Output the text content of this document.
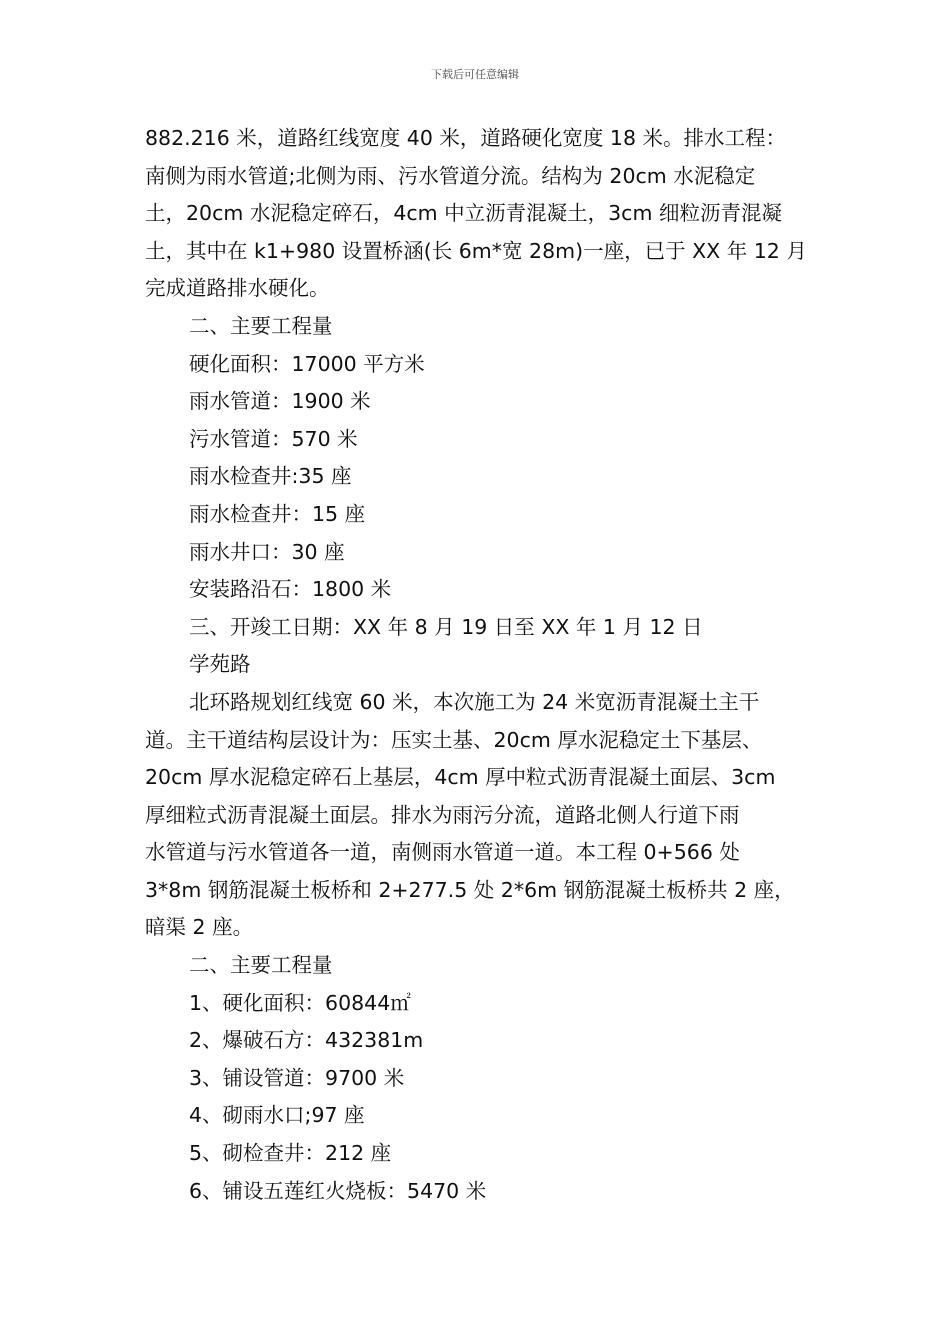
下载后可任意编辑

882.216 米，道路红线宽度 40 米，道路硬化宽度 18 米。排水工程：

南侧为雨水管道;北侧为雨、污水管道分流。结构为 20cm 水泥稳定

土，20cm 水泥稳定碎石，4cm 中立沥青混凝土，3cm 细粒沥青混凝

土，其中在 k1+980 设置桥涵(长 6m*宽 28m)一座，已于 XX 年 12 月

完成道路排水硬化。

二、主要工程量

硬化面积：17000 平方米

雨水管道：1900 米

污水管道：570 米

雨水检查井:35 座

雨水检查井：15 座

雨水井口：30 座

安装路沿石：1800 米

三、开竣工日期：XX 年 8 月 19 日至 XX 年 1 月 12 日

学苑路

北环路规划红线宽 60 米，本次施工为 24 米宽沥青混凝土主干

道。主干道结构层设计为：压实土基、20cm 厚水泥稳定土下基层、

20cm 厚水泥稳定碎石上基层，4cm 厚中粒式沥青混凝土面层、3cm

厚细粒式沥青混凝土面层。排水为雨污分流，道路北侧人行道下雨

水管道与污水管道各一道，南侧雨水管道一道。本工程 0+566 处

3*8m 钢筋混凝土板桥和 2+277.5 处 2*6m 钢筋混凝土板桥共 2 座，

暗渠 2 座。

二、主要工程量

1、硬化面积：60844㎡

2、爆破石方：432381m

3、铺设管道：9700 米

4、砌雨水口;97 座

5、砌检查井：212 座

6、铺设五莲红火烧板：5470 米
